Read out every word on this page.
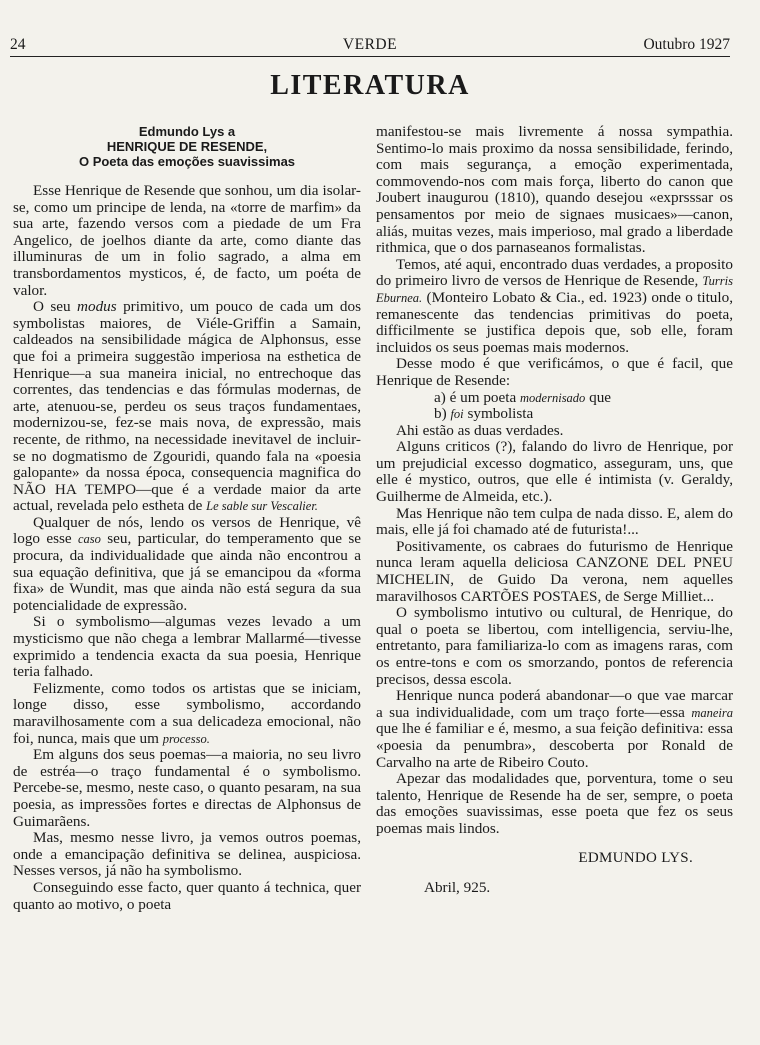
24	VERDE	Outubro 1927
LITERATURA
Edmundo Lys a
HENRIQUE DE RESENDE,
O Poeta das emoções suavissimas

Esse Henrique de Resende que sonhou, um dia isolar-se, como um principe de lenda, na «torre de marfim» da sua arte, fazendo versos com a piedade de um Fra Angelico, de joelhos diante da arte, como diante das illuminuras de um in folio sagrado, a alma em transbordamentos mysticos, é, de facto, um poéta de valor.

O seu modus primitivo, um pouco de cada um dos symbolistas maiores, de Viéle-Griffin a Samain, caldeados na sensibilidade mágica de Alphonsus, esse que foi a primeira suggestão imperiosa na esthetica de Henrique—a sua maneira inicial, no entrechoque das correntes, das tendencias e das fórmulas modernas, de arte, atenuou-se, perdeu os seus traços fundamentaes, modernizou-se, fez-se mais nova, de expressão, mais recente, de rithmo, na necessidade inevitavel de incluir-se no dogmatismo de Zgouridi, quando fala na «poesia galopante» da nossa época, consequencia magnifica do NÃO HA TEMPO—que é a verdade maior da arte actual, revelada pelo estheta de Le sable sur Vescalier.

Qualquer de nós, lendo os versos de Henrique, vê logo esse caso seu, particular, do temperamento que se procura, da individualidade que ainda não encontrou a sua equação definitiva, que já se emancipou da «forma fixa» de Wundit, mas que ainda não está segura da sua potencialidade de expressão.

Si o symbolismo—algumas vezes levado a um mysticismo que não chega a lembrar Mallarmé—tivesse exprimido a tendencia exacta da sua poesia, Henrique teria falhado.

Felizmente, como todos os artistas que se iniciam, longe disso, esse symbolismo, accordando maravilhosamente com a sua delicadeza emocional, não foi, nunca, mais que um processo.

Em alguns dos seus poemas—a maioria, no seu livro de estréa—o traço fundamental é o symbolismo. Percebe-se, mesmo, neste caso, o quanto pesaram, na sua poesia, as impressões fortes e directas de Alphonsus de Guimarãens.

Mas, mesmo nesse livro, ja vemos outros poemas, onde a emancipação definitiva se delinea, auspiciosa. Nesses versos, já não ha symbolismo.

Conseguindo esse facto, quer quanto á technica, quer quanto ao motivo, o poeta

manifestou-se mais livremente á nossa sympathia. Sentimo-lo mais proximo da nossa sensibilidade, ferindo, com mais segurança, a emoção experimentada, commovendo-nos com mais força, liberto do canon que Joubert inaugurou (1810), quando desejou «exprsssar os pensamentos por meio de signaes musicaes»—canon, aliás, muitas vezes, mais imperioso, mal grado a liberdade rithmica, que o dos parnaseanos formalistas.

Temos, até aqui, encontrado duas verdades, a proposito do primeiro livro de versos de Henrique de Resende, Turris Eburnea. (Monteiro Lobato & Cia., ed. 1923) onde o titulo, remanescente das tendencias primitivas do poeta, difficilmente se justifica depois que, sob elle, foram incluidos os seus poemas mais modernos.

Desse modo é que verificámos, o que é facil, que Henrique de Resende:

a) é um poeta modernisado que
b) foi symbolista

Ahi estão as duas verdades.

Alguns criticos (?), falando do livro de Henrique, por um prejudicial excesso dogmatico, asseguram, uns, que elle é mystico, outros, que elle é intimista (v. Geraldy, Guilherme de Almeida, etc.).

Mas Henrique não tem culpa de nada disso. E, alem do mais, elle já foi chamado até de futurista!...

Positivamente, os cabraes do futurismo de Henrique nunca leram aquella deliciosa CANZONE DEL PNEU MICHELIN, de Guido Da verona, nem aquelles maravilhosos CARTÕES POSTAES, de Serge Milliet...

O symbolismo intutivo ou cultural, de Henrique, do qual o poeta se libertou, com intelligencia, serviu-lhe, entretanto, para familiariza-lo com as imagens raras, com os entre-tons e com os smorzando, pontos de referencia precisos, dessa escola.

Henrique nunca poderá abandonar—o que vae marcar a sua individualidade, com um traço forte—essa maneira que lhe é familiar e é, mesmo, a sua feição definitiva: essa «poesia da penumbra», descoberta por Ronald de Carvalho na arte de Ribeiro Couto.

Apezar das modalidades que, porventura, tome o seu talento, Henrique de Resende ha de ser, sempre, o poeta das emoções suavissimas, esse poeta que fez os seus poemas mais lindos.

EDMUNDO LYS.
Abril, 925.
